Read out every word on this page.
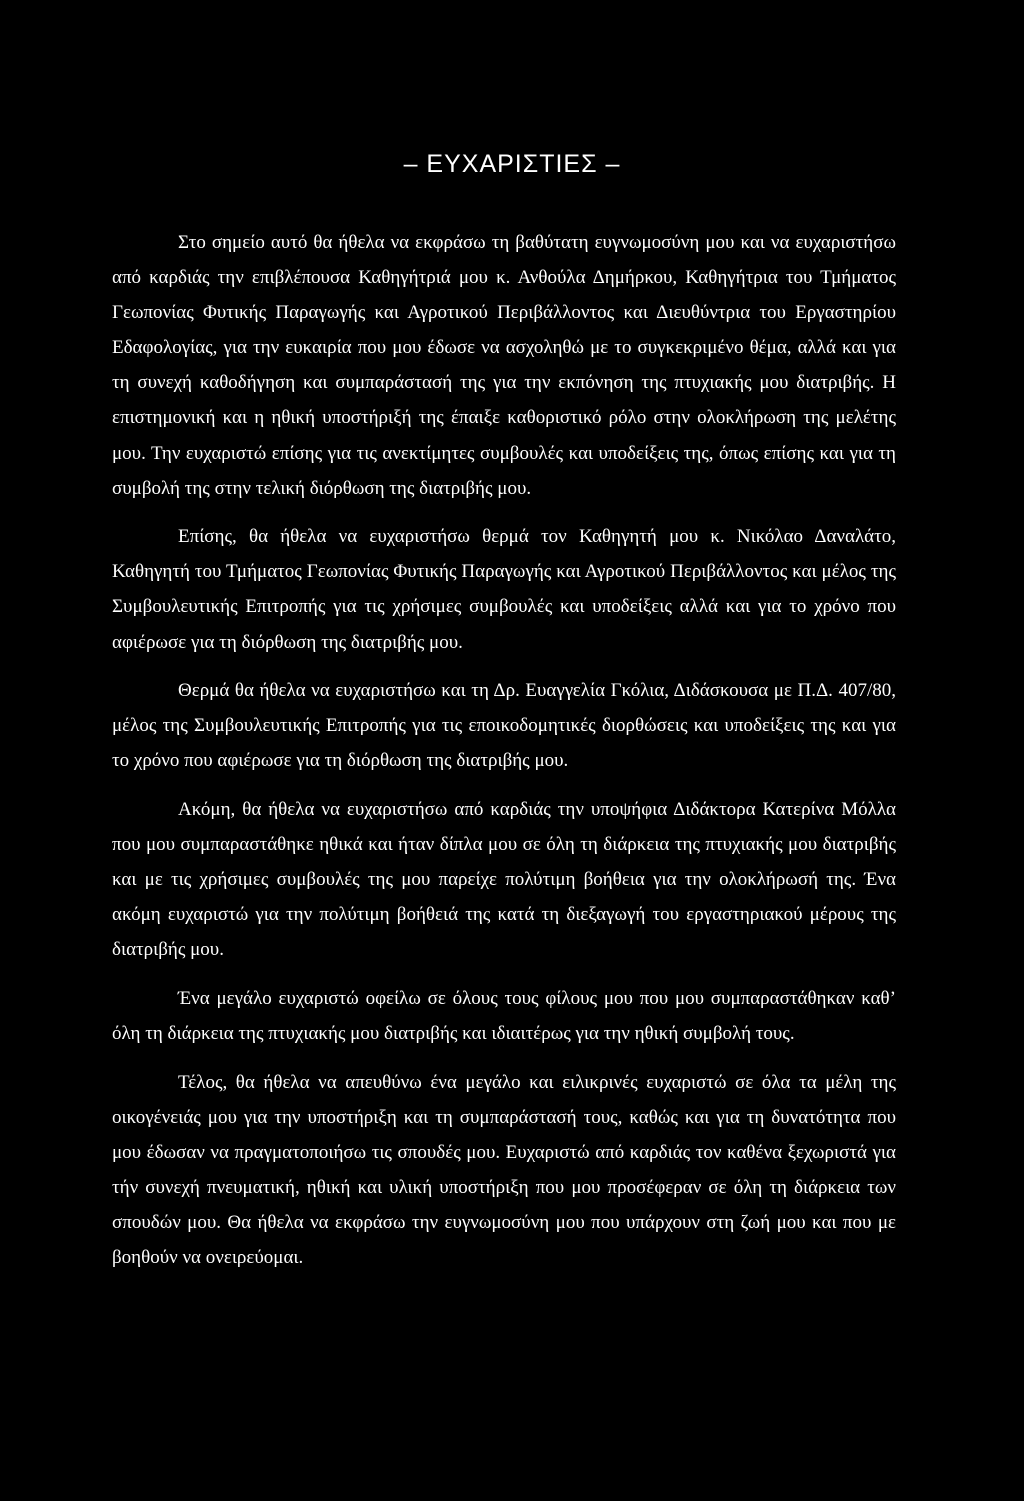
– ΕΥΧΑΡΙΣΤΙΕΣ –

Στο σημείο αυτό θα ήθελα να εκφράσω τη βαθύτατη ευγνωμοσύνη μου και να ευχαριστήσω από καρδιάς την επιβλέπουσα Καθηγήτριά μου κ. Ανθούλα Δημήρκου, Καθηγήτρια του Τμήματος Γεωπονίας Φυτικής Παραγωγής και Αγροτικού Περιβάλλοντος και Διευθύντρια του Εργαστηρίου Εδαφολογίας, για την ευκαιρία που μου έδωσε να ασχοληθώ με το συγκεκριμένο θέμα, αλλά και για τη συνεχή καθοδήγηση και συμπαράστασή της για την εκπόνηση της πτυχιακής μου διατριβής. Η επιστημονική και η ηθική υποστήριξή της έπαιξε καθοριστικό ρόλο στην ολοκλήρωση της μελέτης μου. Την ευχαριστώ επίσης για τις ανεκτίμητες συμβουλές και υποδείξεις της, όπως επίσης και για τη συμβολή της στην τελική διόρθωση της διατριβής μου.

Επίσης, θα ήθελα να ευχαριστήσω θερμά τον Καθηγητή μου κ. Νικόλαο Δαναλάτο, Καθηγητή του Τμήματος Γεωπονίας Φυτικής Παραγωγής και Αγροτικού Περιβάλλοντος και μέλος της Συμβουλευτικής Επιτροπής για τις χρήσιμες συμβουλές και υποδείξεις αλλά και για το χρόνο που αφιέρωσε για τη διόρθωση της διατριβής μου.

Θερμά θα ήθελα να ευχαριστήσω και τη Δρ. Ευαγγελία Γκόλια, Διδάσκουσα με Π.Δ. 407/80, μέλος της Συμβουλευτικής Επιτροπής για τις εποικοδομητικές διορθώσεις και υποδείξεις της και για το χρόνο που αφιέρωσε για τη διόρθωση της διατριβής μου.

Ακόμη, θα ήθελα να ευχαριστήσω από καρδιάς την υποψήφια Διδάκτορα Κατερίνα Μόλλα που μου συμπαραστάθηκε ηθικά και ήταν δίπλα μου σε όλη τη διάρκεια της πτυχιακής μου διατριβής και με τις χρήσιμες συμβουλές της μου παρείχε πολύτιμη βοήθεια για την ολοκλήρωσή της. Ένα ακόμη ευχαριστώ για την πολύτιμη βοήθειά της κατά τη διεξαγωγή του εργαστηριακού μέρους της διατριβής μου.

Ένα μεγάλο ευχαριστώ οφείλω σε όλους τους φίλους μου που μου συμπαραστάθηκαν καθ’ όλη τη διάρκεια της πτυχιακής μου διατριβής και ιδιαιτέρως για την ηθική συμβολή τους.

Τέλος, θα ήθελα να απευθύνω ένα μεγάλο και ειλικρινές ευχαριστώ σε όλα τα μέλη της οικογένειάς μου για την υποστήριξη και τη συμπαράστασή τους, καθώς και για τη δυνατότητα που μου έδωσαν να πραγματοποιήσω τις σπουδές μου. Ευχαριστώ από καρδιάς τον καθένα ξεχωριστά για τήν συνεχή πνευματική, ηθική και υλική υποστήριξη που μου προσέφεραν σε όλη τη διάρκεια των σπουδών μου. Θα ήθελα να εκφράσω την ευγνωμοσύνη μου που υπάρχουν στη ζωή μου και που με βοηθούν να ονειρεύομαι.
